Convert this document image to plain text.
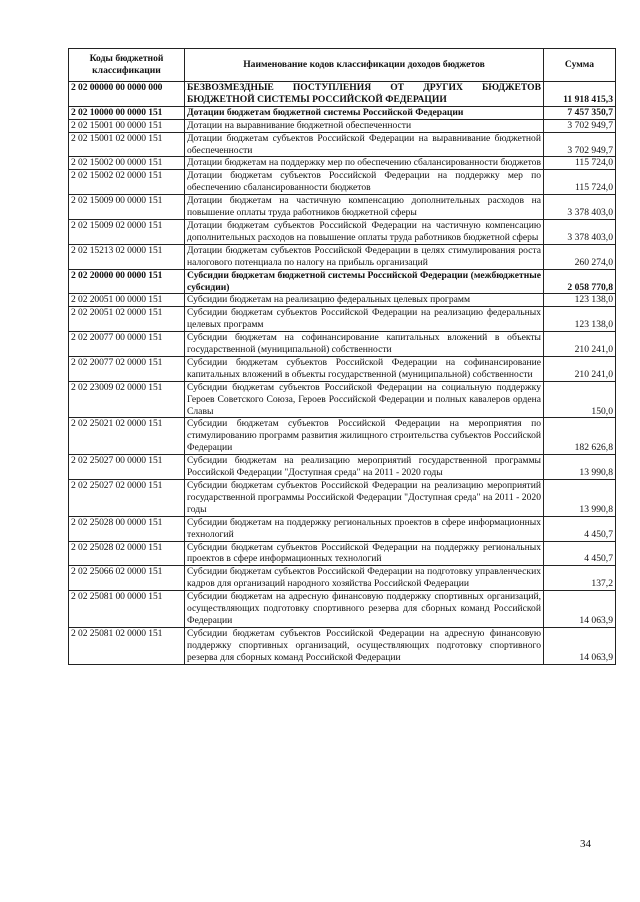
Коды бюджетной классификации	Наименование кодов классификации доходов бюджетов	Сумма
2 02 00000 00 0000 000	БЕЗВОЗМЕЗДНЫЕ ПОСТУПЛЕНИЯ ОТ ДРУГИХ БЮДЖЕТОВ БЮДЖЕТНОЙ СИСТЕМЫ РОССИЙСКОЙ ФЕДЕРАЦИИ	11 918 415,3
2 02 10000 00 0000 151	Дотации бюджетам бюджетной системы Российской Федерации	7 457 350,7
2 02 15001 00 0000 151	Дотации на выравнивание бюджетной обеспеченности	3 702 949,7
2 02 15001 02 0000 151	Дотации бюджетам субъектов Российской Федерации на выравнивание бюджетной обеспеченности	3 702 949,7
2 02 15002 00 0000 151	Дотации бюджетам на поддержку мер по обеспечению сбалансированности бюджетов	115 724,0
2 02 15002 02 0000 151	Дотации бюджетам субъектов Российской Федерации на поддержку мер по обеспечению сбалансированности бюджетов	115 724,0
2 02 15009 00 0000 151	Дотации бюджетам на частичную компенсацию дополнительных расходов на повышение оплаты труда работников бюджетной сферы	3 378 403,0
2 02 15009 02 0000 151	Дотации бюджетам субъектов Российской Федерации на частичную компенсацию дополнительных расходов на повышение оплаты труда работников бюджетной сферы	3 378 403,0
2 02 15213 02 0000 151	Дотации бюджетам субъектов Российской Федерации в целях стимулирования роста налогового потенциала по налогу на прибыль организаций	260 274,0
2 02 20000 00 0000 151	Субсидии бюджетам бюджетной системы Российской Федерации (межбюджетные субсидии)	2 058 770,8
2 02 20051 00 0000 151	Субсидии бюджетам на реализацию федеральных целевых программ	123 138,0
2 02 20051 02 0000 151	Субсидии бюджетам субъектов Российской Федерации на реализацию федеральных целевых программ	123 138,0
2 02 20077 00 0000 151	Субсидии бюджетам на софинансирование капитальных вложений в объекты государственной (муниципальной) собственности	210 241,0
2 02 20077 02 0000 151	Субсидии бюджетам субъектов Российской Федерации на софинансирование капитальных вложений в объекты государственной (муниципальной) собственности	210 241,0
2 02 23009 02 0000 151	Субсидии бюджетам субъектов Российской Федерации на социальную поддержку Героев Советского Союза, Героев Российской Федерации и полных кавалеров ордена Славы	150,0
2 02 25021 02 0000 151	Субсидии бюджетам субъектов Российской Федерации на мероприятия по стимулированию программ развития жилищного строительства субъектов Российской Федерации	182 626,8
2 02 25027 00 0000 151	Субсидии бюджетам на реализацию мероприятий государственной программы Российской Федерации "Доступная среда" на 2011 - 2020 годы	13 990,8
2 02 25027 02 0000 151	Субсидии бюджетам субъектов Российской Федерации на реализацию мероприятий государственной программы Российской Федерации "Доступная среда" на 2011 - 2020 годы	13 990,8
2 02 25028 00 0000 151	Субсидии бюджетам на поддержку региональных проектов в сфере информационных технологий	4 450,7
2 02 25028 02 0000 151	Субсидии бюджетам субъектов Российской Федерации на поддержку региональных проектов в сфере информационных технологий	4 450,7
2 02 25066 02 0000 151	Субсидии бюджетам субъектов Российской Федерации на подготовку управленческих кадров для организаций народного хозяйства Российской Федерации	137,2
2 02 25081 00 0000 151	Субсидии бюджетам на адресную финансовую поддержку спортивных организаций, осуществляющих подготовку спортивного резерва для сборных команд Российской Федерации	14 063,9
2 02 25081 02 0000 151	Субсидии бюджетам субъектов Российской Федерации на адресную финансовую поддержку спортивных организаций, осуществляющих подготовку спортивного резерва для сборных команд Российской Федерации	14 063,9
34
